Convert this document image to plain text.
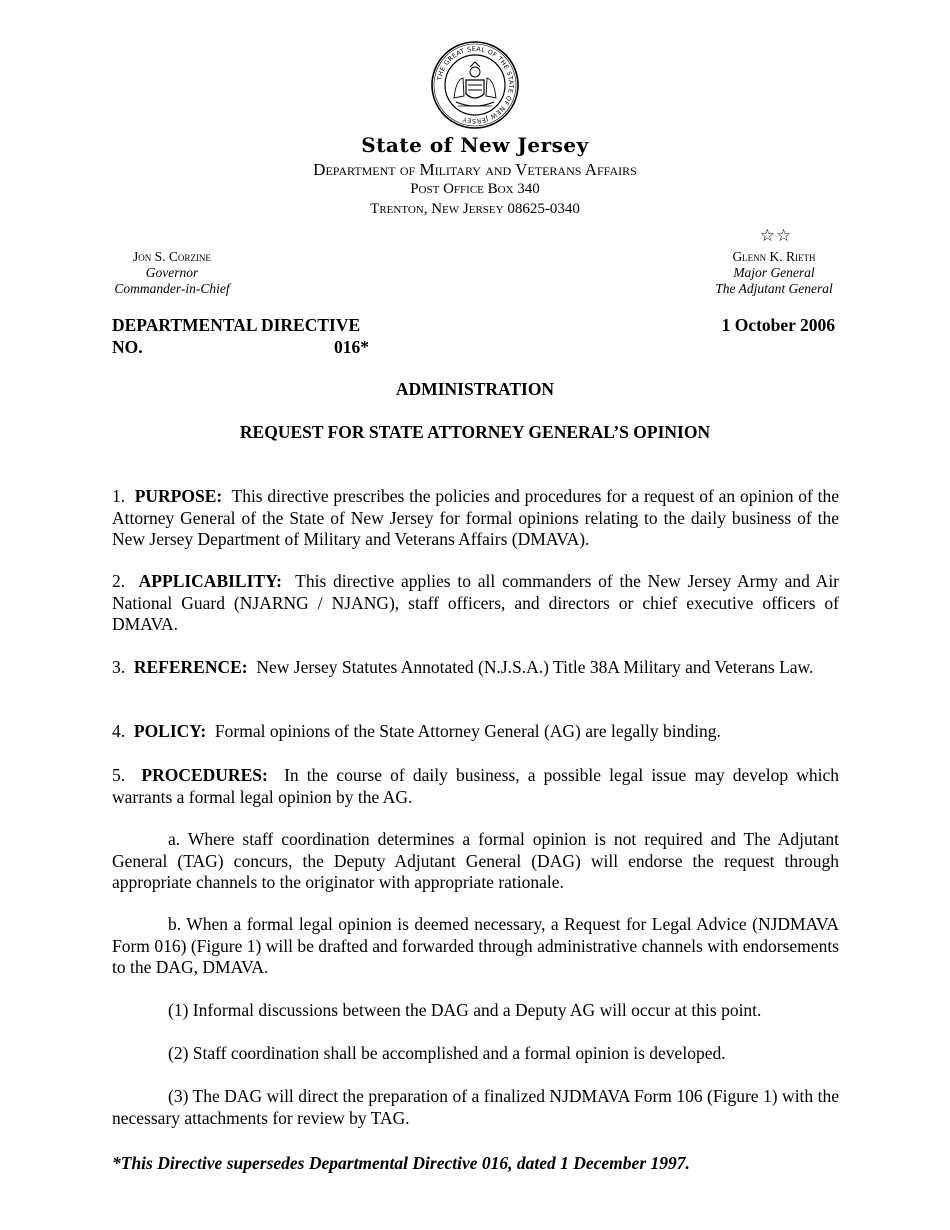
THE GREAT SEAL OF THE STATE OF NEW JERSEY
State of New Jersey
Department of Military and Veterans Affairs
Post Office Box 340
Trenton, New Jersey 08625-0340
☆☆
Jon S. Corzine
Governor
Commander-in-Chief
Glenn K. Rieth
Major General
The Adjutant General
DEPARTMENTAL DIRECTIVE
NO.	016*
1 October 2006
ADMINISTRATION
REQUEST FOR STATE ATTORNEY GENERAL’S OPINION
1. PURPOSE: This directive prescribes the policies and procedures for a request of an opinion of the Attorney General of the State of New Jersey for formal opinions relating to the daily business of the New Jersey Department of Military and Veterans Affairs (DMAVA).
2. APPLICABILITY: This directive applies to all commanders of the New Jersey Army and Air National Guard (NJARNG / NJANG), staff officers, and directors or chief executive officers of DMAVA.
3. REFERENCE: New Jersey Statutes Annotated (N.J.S.A.) Title 38A Military and Veterans Law.
4. POLICY: Formal opinions of the State Attorney General (AG) are legally binding.
5. PROCEDURES: In the course of daily business, a possible legal issue may develop which warrants a formal legal opinion by the AG.
a. Where staff coordination determines a formal opinion is not required and The Adjutant General (TAG) concurs, the Deputy Adjutant General (DAG) will endorse the request through appropriate channels to the originator with appropriate rationale.
b. When a formal legal opinion is deemed necessary, a Request for Legal Advice (NJDMAVA Form 016) (Figure 1) will be drafted and forwarded through administrative channels with endorsements to the DAG, DMAVA.
(1) Informal discussions between the DAG and a Deputy AG will occur at this point.
(2) Staff coordination shall be accomplished and a formal opinion is developed.
(3) The DAG will direct the preparation of a finalized NJDMAVA Form 106 (Figure 1) with the necessary attachments for review by TAG.
*This Directive supersedes Departmental Directive 016, dated 1 December 1997.
